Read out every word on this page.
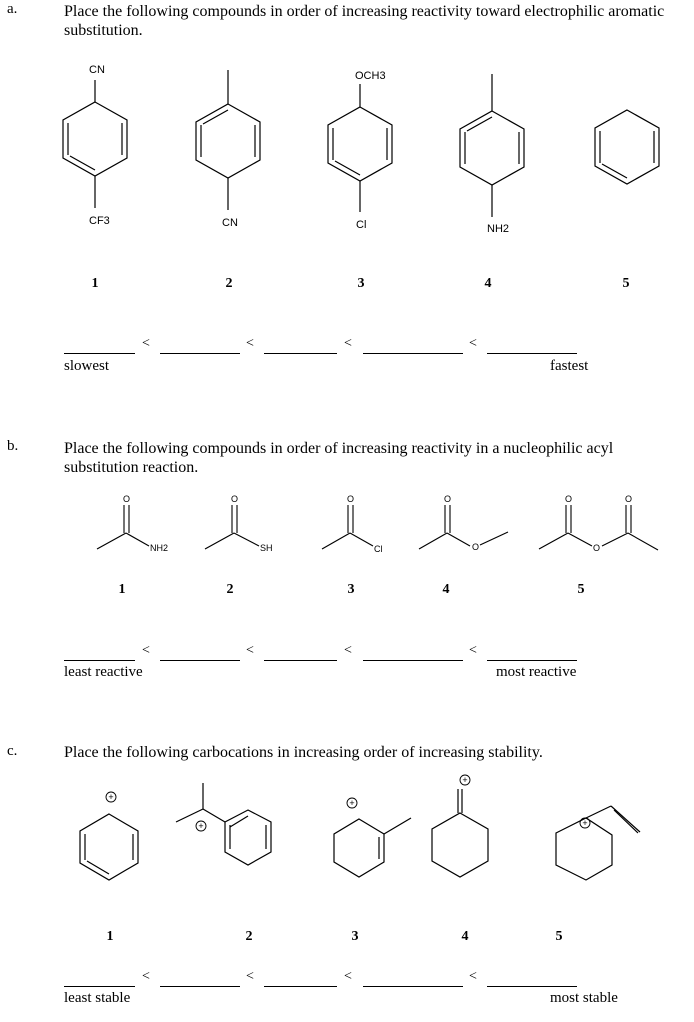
a.	Place the following compounds in order of increasing reactivity toward electrophilic aromatic substitution.
CN
CF3	CN
OCH3
Cl	NH2
1	2	3	4	5
<	<	<	<
slowest	fastest
b.	Place the following compounds in order of increasing reactivity in a nucleophilic acyl substitution reaction.
O
NH2
O
SH
O
Cl
O
O
O
O
O
1	2	3	4	5
<	<	<	<
least reactive	most reactive
c.	Place the following carbocations in increasing order of increasing stability.
+
+
+
+
+
1	2	3	4	5
<	<	<	<
least stable	most stable
